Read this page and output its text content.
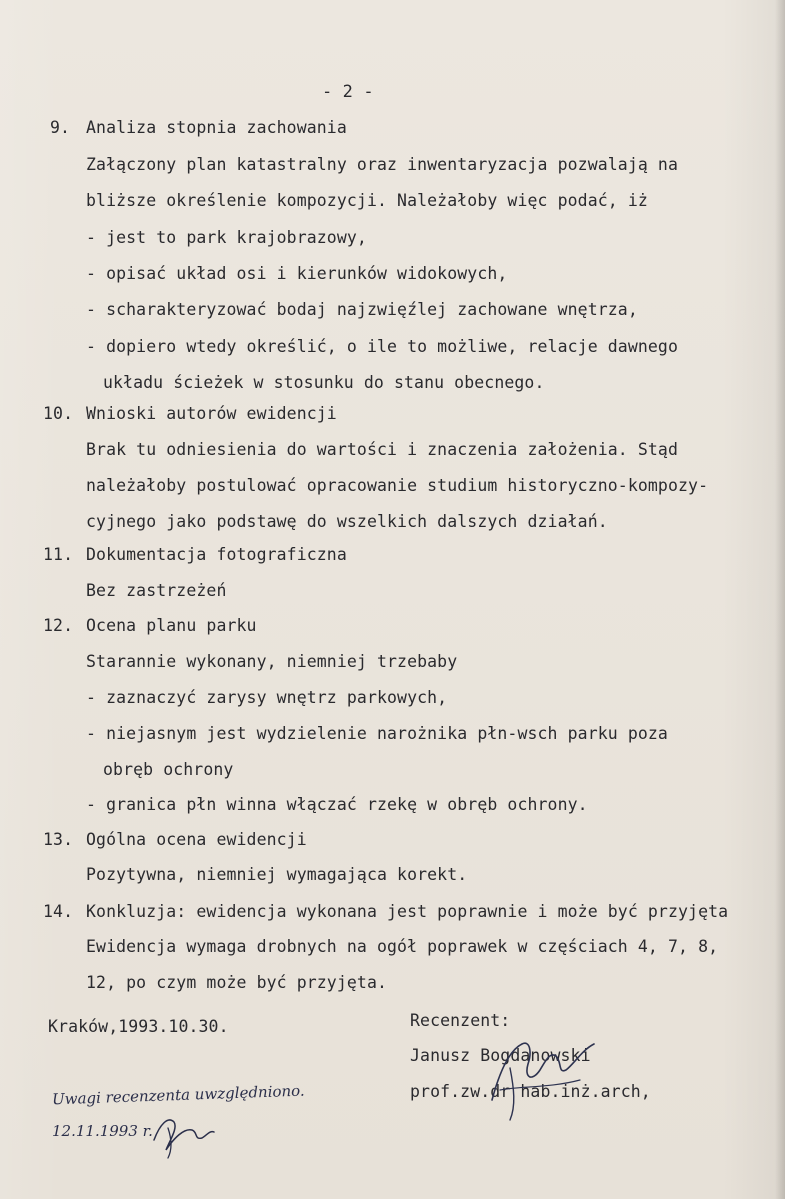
- 2 -
9. Analiza stopnia zachowania
Załączony plan katastralny oraz inwentaryzacja pozwalają na
bliższe określenie kompozycji. Należałoby więc podać, iż
- jest to park krajobrazowy,
- opisać układ osi i kierunków widokowych,
- scharakteryzować bodaj najzwięźlej zachowane wnętrza,
- dopiero wtedy określić, o ile to możliwe, relacje dawnego
układu ścieżek w stosunku do stanu obecnego.
10. Wnioski autorów ewidencji
Brak tu odniesienia do wartości i znaczenia założenia. Stąd
należałoby postulować opracowanie studium historyczno-kompozy-
cyjnego jako podstawę do wszelkich dalszych działań.
11. Dokumentacja fotograficzna
Bez zastrzeżeń
12. Ocena planu parku
Starannie wykonany, niemniej trzebaby
- zaznaczyć zarysy wnętrz parkowych,
- niejasnym jest wydzielenie narożnika płn-wsch parku poza
obręb ochrony
- granica płn winna włączać rzekę w obręb ochrony.
13. Ogólna ocena ewidencji
Pozytywna, niemniej wymagająca korekt.
14. Konkluzja: ewidencja wykonana jest poprawnie i może być przyjęta
Ewidencja wymaga drobnych na ogół poprawek w częściach 4, 7, 8,
12, po czym może być przyjęta.
Kraków,1993.10.30.	Recenzent:
Janusz Bogdanowski
prof.zw.dr hab.inż.arch,
Uwagi recenzenta uwzględniono.
12.11.1993 r.
